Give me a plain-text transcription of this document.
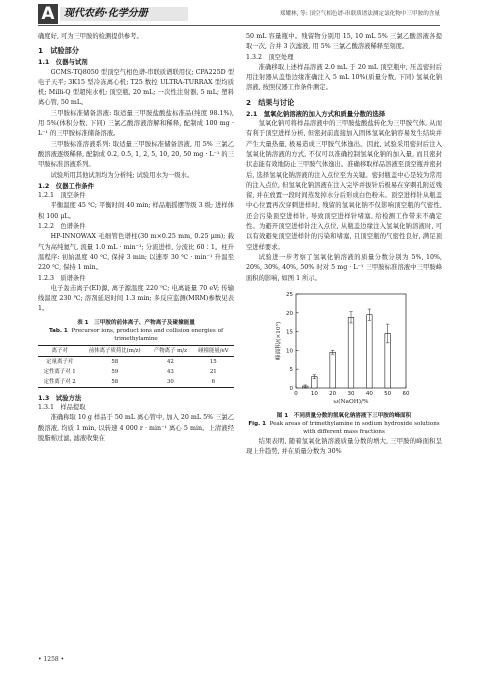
A 现代农药·化学分册	郑耀林, 等: 顶空气相色谱-串联质谱法测定氯化物中三甲胺的含量

确度好, 可为三甲胺的检测提供参考。

1　试验部分
1.1　仪器与试剂

GCMS-TQ8050 型顶空气相色谱-串联质谱联用仪; CPA225D 型电子天平; 3K15 型冷冻离心机; T25 数控 ULTRA-TURRAX 型均质机; Milli-Q 型超纯水机; 顶空瓶, 20 mL; 一次性注射器, 5 mL; 塑料离心管, 50 mL。

三甲胺标准储备溶液: 取适量三甲胺盐酸盐标准品(纯度 98.1%), 用 5%(体积分数, 下同) 三氯乙酸溶液溶解和稀释, 配制成 100 mg · L⁻¹ 的三甲胺标准储备溶液。

三甲胺标准溶液系列: 取适量三甲胺标准储备溶液, 用 5% 三氯乙酸溶液逐级稀释, 配制成 0.2, 0.5, 1, 2, 5, 10, 20, 50 mg · L⁻¹ 的三甲胺标准溶液系列。

试验所用其他试剂均为分析纯; 试验用水为一级水。

1.2　仪器工作条件
1.2.1　顶空条件

平衡温度 45 ℃; 平衡时间 40 min; 样品瓶摇摆等级 3 级; 进样体积 100 μL。

1.2.2　色谱条件

HP-INNOWAX 毛细管色谱柱(30 m×0.25 mm, 0.25 μm); 载气为高纯氦气, 流量 1.0 mL · min⁻¹; 分流进样, 分流比 60∶1。柱升温程序: 初始温度 40 ℃, 保持 3 min; 以速率 30 ℃ · min⁻¹ 升温至 220 ℃, 保持 1 min。

1.2.3　质谱条件

电子轰击离子(EI)源, 离子源温度 220 ℃; 电离能量 70 eV; 传输线温度 230 ℃; 溶剂延迟时间 1.3 min; 多反应监测(MRM)参数见表 1。

表 1　三甲胺的前体离子、产物离子及碰撞能量
Tab. 1 Precursor ions, product ions and collision energies of trimethylamine
离子对	前体离子质荷比(m/z)	产物离子 m/z	碰撞能量/eV
定量离子对	58	42	15
定性离子对 1	59	43	21
定性离子对 2	58	30	6
1.3　试验方法
1.3.1　样品提取

准确称取 10 g 样品于 50 mL 离心管中, 加入 20 mL 5% 三氯乙酸溶液, 均质 1 min, 以转速 4 000 r · min⁻¹ 离心 5 min。上清液经脱脂棉过滤, 滤液收集在

50 mL 容量瓶中。残留物分别用 15, 10 mL 5% 三氯乙酸溶液各提取一次, 合并 3 次滤液, 用 5% 三氯乙酸溶液稀释至刻度。

1.3.2　顶空处理

准确移取上述样品溶液 2.0 mL 于 20 mL 顶空瓶中, 压盖密封后用注射器从盖垫边缘准确注入 5 mL 10%(质量分数, 下同) 氢氧化钠溶液, 按照仪器工作条件测定。

2　结果与讨论
2.1　氢氧化钠溶液的加入方式和质量分数的选择

氢氧化钠可将样品溶液中的三甲胺盐酸盐转化为三甲胺气体, 从而有利于顶空进样分析, 但密封前直接加入固体氢氧化钠容易发生结块并产生大量热量, 极易造成三甲胺气体逸出。因此, 试验采用密封后注入氢氧化钠溶液的方式, 不仅可以准确控制氢氧化钠的加入量, 而且密封状态能有效地防止三甲胺气体逸出。准确移取样品溶液至顶空瓶并密封后, 选择氢氧化钠溶液的注入点位至为关键。密封瓶盖中心是较为常用的注入点位, 但氢氧化钠溶液在注入完毕并拔针后极易在穿刺孔附近残留, 并在放置一段时间蒸发掉水分后形成白色粉末。顶空进样针从瓶盖中心位置再次穿刺进样时, 残留的氢氧化钠不仅影响顶空瓶的气密性, 还会污染顶空进样针, 导致顶空进样针堵塞, 给检测工作带来不确定性。为避开顶空进样针注入点位, 从瓶盖边缘注入氢氧化钠溶液时, 可以有效避免顶空进样针的污染和堵塞, 且顶空瓶的气密性良好, 满足顶空进样要求。

试验进一步考察了氢氧化钠溶液的质量分数分别为 5%, 10%, 20%, 30%, 40%, 50% 时对 5 mg · L⁻¹ 三甲胺标准溶液中三甲胺峰面积的影响, 如图 1 所示。

0
5
10
15
20
25
0 10 20 30 40 50 60
ω(NaOH)/%
峰面积/(×10⁵)
图 1　不同质量分数的氢氧化钠溶液下三甲胺的峰面积
Fig. 1 Peak areas of trimethylamine in sodium hydroxide solutions with different mass fractions

结果表明, 随着氢氧化钠溶液质量分数的增大, 三甲胺的峰面积呈现上升趋势, 并在质量分数为 30%

• 1258 •
